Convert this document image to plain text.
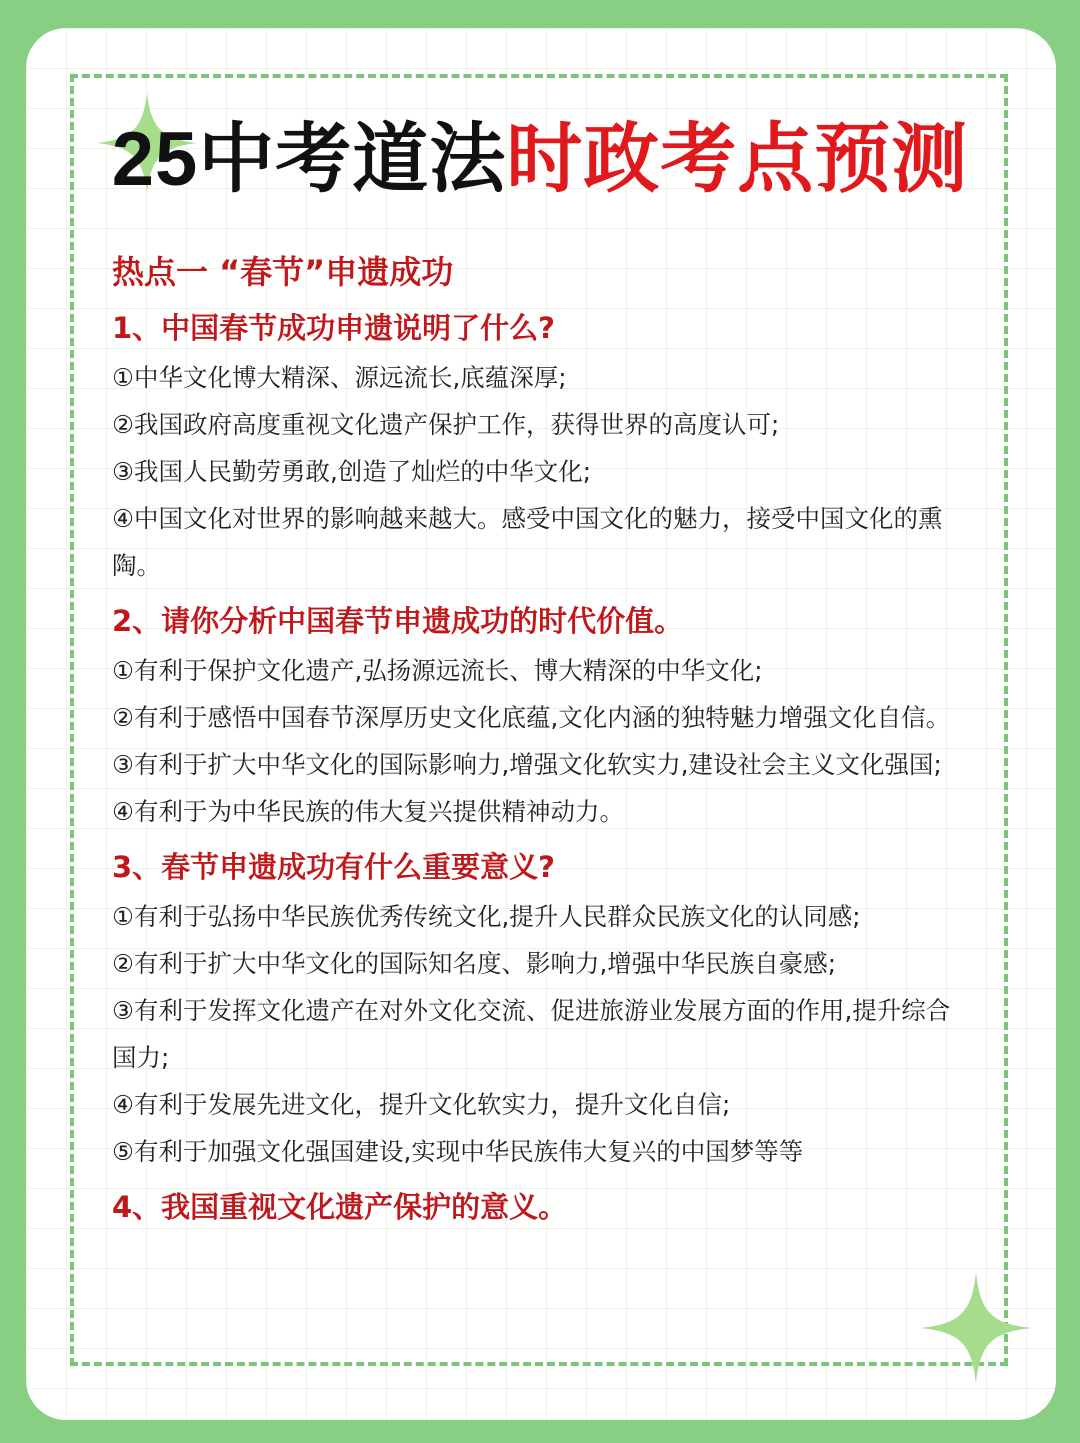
25中考道法时政考点预测
热点一 “春节”申遗成功
1、中国春节成功申遗说明了什么?

①中华文化博大精深、源远流长,底蕴深厚;

②我国政府高度重视文化遗产保护工作，获得世界的高度认可;

③我国人民勤劳勇敢,创造了灿烂的中华文化;

④中国文化对世界的影响越来越大。感受中国文化的魅力，接受中国文化的熏陶。

2、请你分析中国春节申遗成功的时代价值。

①有利于保护文化遗产,弘扬源远流长、博大精深的中华文化;

②有利于感悟中国春节深厚历史文化底蕴,文化内涵的独特魅力增强文化自信。

③有利于扩大中华文化的国际影响力,增强文化软实力,建设社会主义文化强国;

④有利于为中华民族的伟大复兴提供精神动力。

3、春节申遗成功有什么重要意义?

①有利于弘扬中华民族优秀传统文化,提升人民群众民族文化的认同感;

②有利于扩大中华文化的国际知名度、影响力,增强中华民族自豪感;

③有利于发挥文化遗产在对外文化交流、促进旅游业发展方面的作用,提升综合国力;

④有利于发展先进文化，提升文化软实力，提升文化自信;

⑤有利于加强文化强国建设,实现中华民族伟大复兴的中国梦等等

4、我国重视文化遗产保护的意义。
